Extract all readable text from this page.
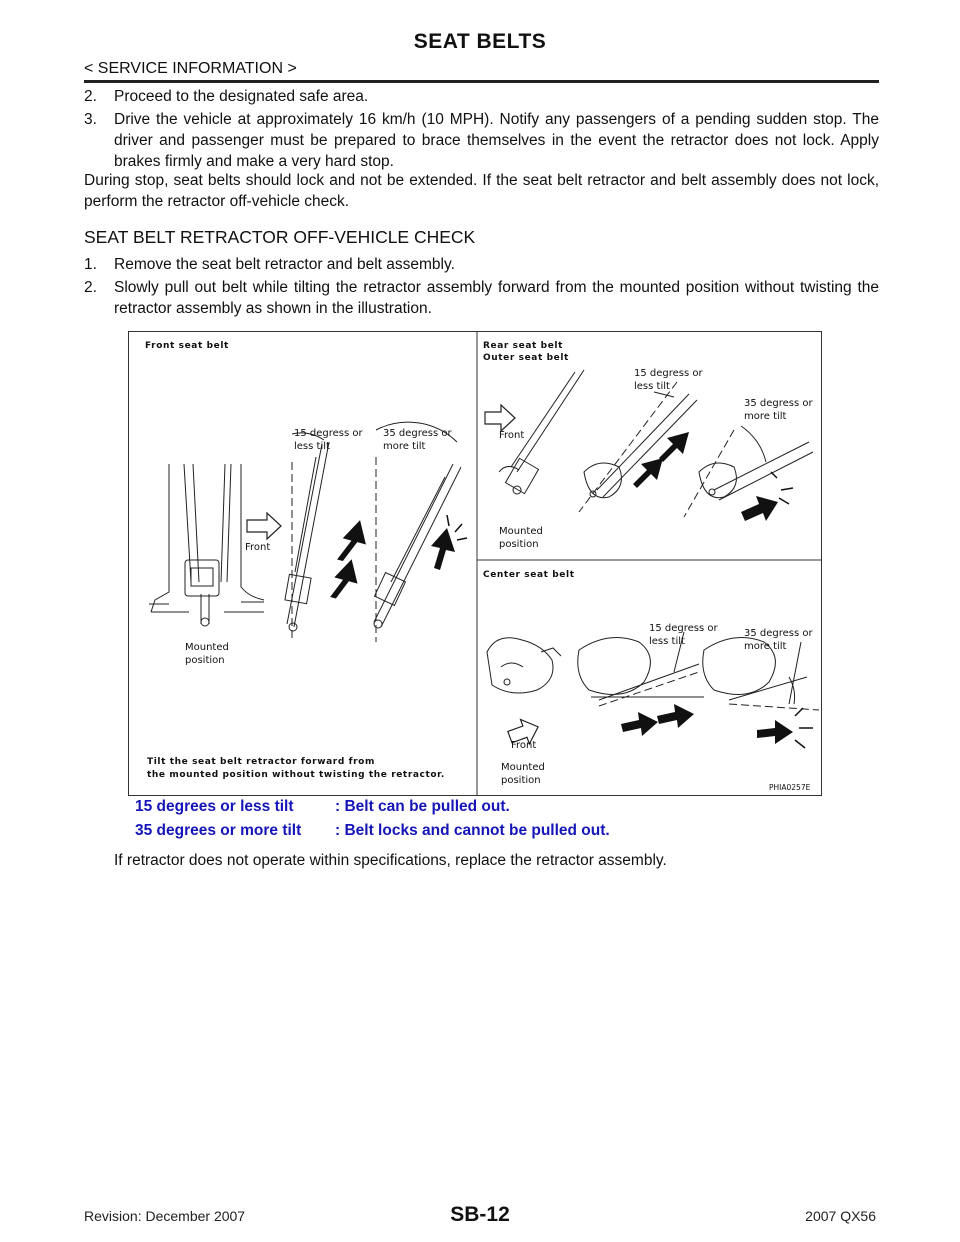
SEAT BELTS
< SERVICE INFORMATION >
2.	Proceed to the designated safe area.
3.	Drive the vehicle at approximately 16 km/h (10 MPH). Notify any passengers of a pending sudden stop. The driver and passenger must be prepared to brace themselves in the event the retractor does not lock. Apply brakes firmly and make a very hard stop.
During stop, seat belts should lock and not be extended. If the seat belt retractor and belt assembly does not lock, perform the retractor off-vehicle check.
SEAT BELT RETRACTOR OFF-VEHICLE CHECK
1.	Remove the seat belt retractor and belt assembly.
2.	Slowly pull out belt while tilting the retractor assembly forward from the mounted position without twisting the retractor assembly as shown in the illustration.
Front seat belt	Rear seat belt
Outer seat belt
Center seat belt
Front
Mounted
position
15 degress or
less tilt
35 degress or
more tilt
Front
Mounted
position
15 degress or
less tilt
35 degress or
more tilt
Front
Mounted
position
15 degress or
less tilt
35 degress or
more tilt
Tilt the seat belt retractor forward from
the mounted position without twisting the retractor.
PHIA0257E
15 degrees or less tilt	: Belt can be pulled out.
35 degrees or more tilt : Belt locks and cannot be pulled out.
If retractor does not operate within specifications, replace the retractor assembly.
Revision: December 2007	SB-12	2007 QX56
